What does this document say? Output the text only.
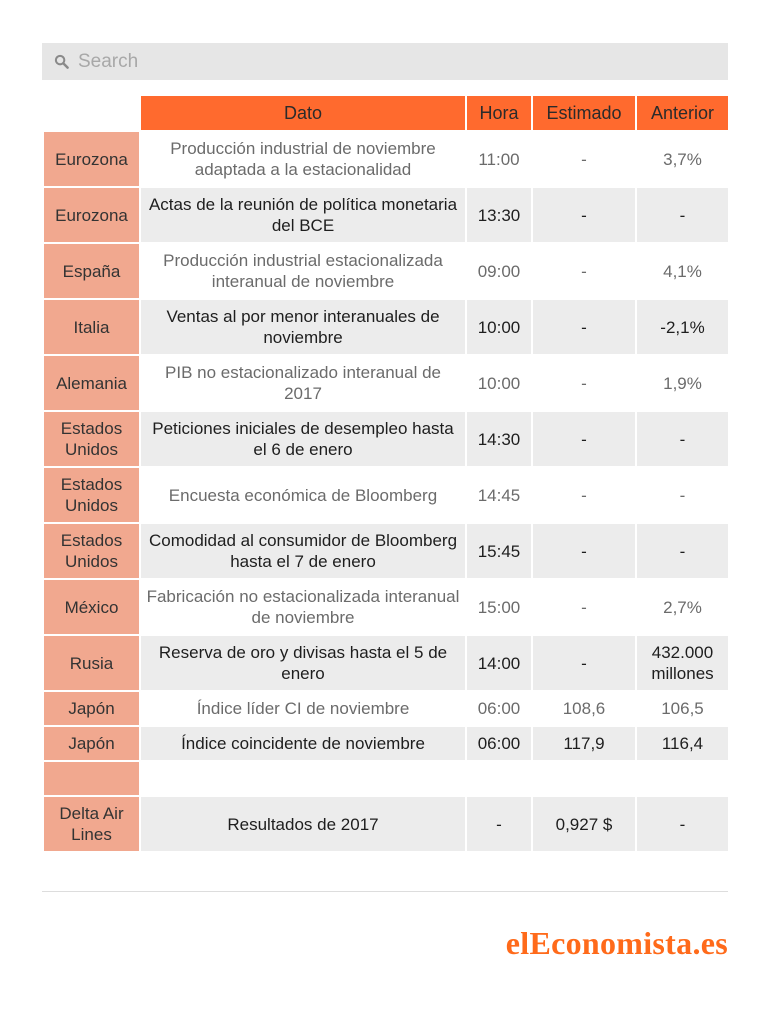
Search
	Dato	Hora	Estimado	Anterior
Eurozona	Producción industrial de noviembre adaptada a la estacionalidad	11:00	-	3,7%
Eurozona	Actas de la reunión de política monetaria del BCE	13:30	-	-
España	Producción industrial estacionalizada interanual de noviembre	09:00	-	4,1%
Italia	Ventas al por menor interanuales de noviembre	10:00	-	-2,1%
Alemania	PIB no estacionalizado interanual de 2017	10:00	-	1,9%
Estados Unidos	Peticiones iniciales de desempleo hasta el 6 de enero	14:30	-	-
Estados Unidos	Encuesta económica de Bloomberg	14:45	-	-
Estados Unidos	Comodidad al consumidor de Bloomberg hasta el 7 de enero	15:45	-	-
México	Fabricación no estacionalizada interanual de noviembre	15:00	-	2,7%
Rusia	Reserva de oro y divisas hasta el 5 de enero	14:00	-	432.000 millones
Japón	Índice líder CI de noviembre	06:00	108,6	106,5
Japón	Índice coincidente de noviembre	06:00	117,9	116,4

Delta Air Lines	Resultados de 2017	-	0,927 $	-
elEconomista.es
